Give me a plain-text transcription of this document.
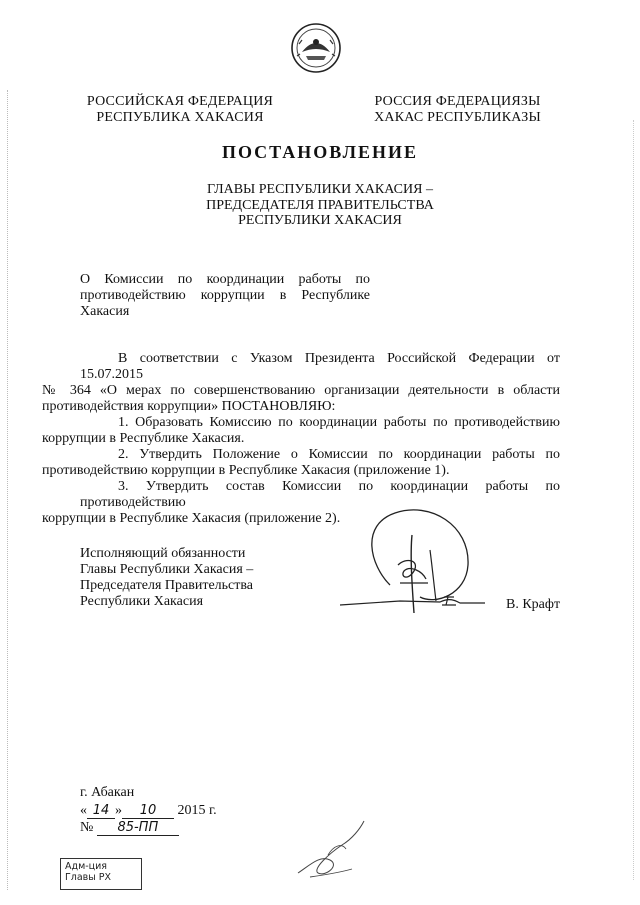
РОССИЙСКАЯ ФЕДЕРАЦИЯ
РЕСПУБЛИКА ХАКАСИЯ
РОССИЯ ФЕДЕРАЦИЯЗЫ
ХАКАС РЕСПУБЛИКАЗЫ
ПОСТАНОВЛЕНИЕ
ГЛАВЫ РЕСПУБЛИКИ ХАКАСИЯ –
ПРЕДСЕДАТЕЛЯ ПРАВИТЕЛЬСТВА
РЕСПУБЛИКИ ХАКАСИЯ
О Комиссии по координации работы по
противодействию коррупции в Республике
Хакасия

В соответствии с Указом Президента Российской Федерации от 15.07.2015
№ 364 «О мерах по совершенствованию организации деятельности в области
противодействия коррупции» ПОСТАНОВЛЯЮ:

1. Образовать Комиссию по координации работы по противодействию
коррупции в Республике Хакасия.

2. Утвердить Положение о Комиссии по координации работы по
противодействию коррупции в Республике Хакасия (приложение 1).

3. Утвердить состав Комиссии по координации работы по противодействию
коррупции в Республике Хакасия (приложение 2).

Исполняющий обязанности
Главы Республики Хакасия –
Председателя Правительства
Республики Хакасия	В. Крафт
г. Абакан
« 14 » 10 2015 г.
№ 85-ПП
Адм-ция
Главы РХ
